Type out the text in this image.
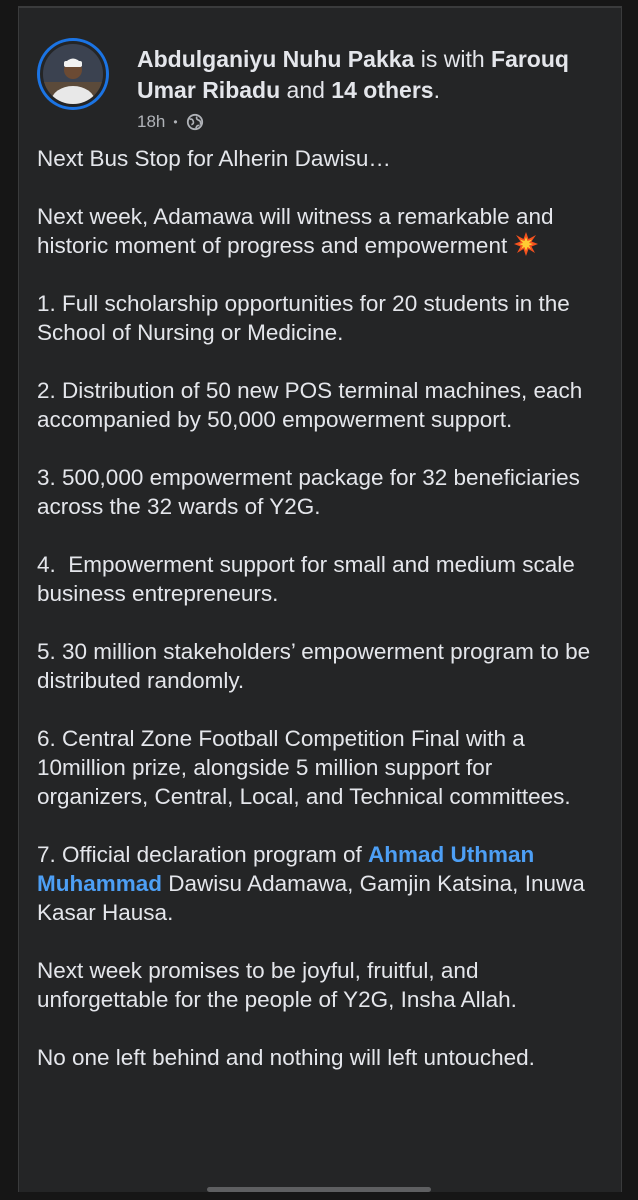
Abdulganiyu Nuhu Pakka is with Farouq Umar Ribadu and 14 others.
18h •

Next Bus Stop for Alherin Dawisu…

Next week, Adamawa will witness a remarkable and historic moment of progress and empowerment

1. Full scholarship opportunities for 20 students in the School of Nursing or Medicine.

2. Distribution of 50 new POS terminal machines, each accompanied by 50,000 empowerment support.

3. 500,000 empowerment package for 32 beneficiaries across the 32 wards of Y2G.

4.  Empowerment support for small and medium scale business entrepreneurs.

5. 30 million stakeholders’ empowerment program to be distributed randomly.

6. Central Zone Football Competition Final with a 10million prize, alongside 5 million support for organizers, Central, Local, and Technical committees.

7. Official declaration program of Ahmad Uthman Muhammad Dawisu Adamawa, Gamjin Katsina, Inuwa Kasar Hausa.

Next week promises to be joyful, fruitful, and unforgettable for the people of Y2G, Insha Allah.

No one left behind and nothing will left untouched.
